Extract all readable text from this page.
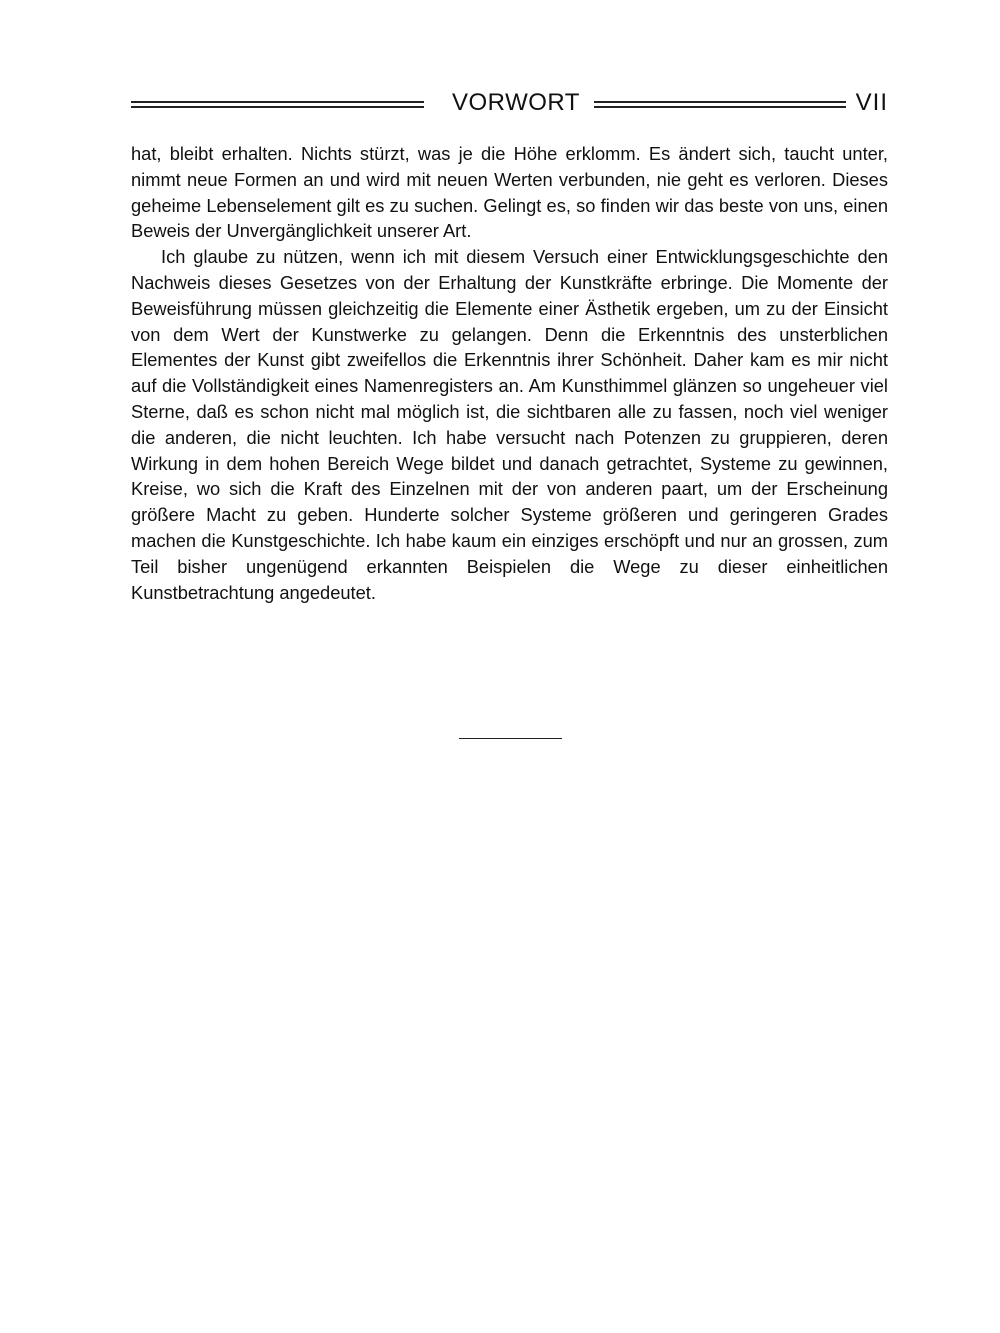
VORWORT	VII

hat, bleibt erhalten. Nichts stürzt, was je die Höhe erklomm. Es ändert sich, taucht unter, nimmt neue Formen an und wird mit neuen Werten verbunden, nie geht es verloren. Dieses geheime Lebenselement gilt es zu suchen. Gelingt es, so finden wir das beste von uns, einen Beweis der Unvergänglichkeit unserer Art.

Ich glaube zu nützen, wenn ich mit diesem Versuch einer Entwicklungsgeschichte den Nachweis dieses Gesetzes von der Erhaltung der Kunstkräfte erbringe. Die Momente der Beweisführung müssen gleichzeitig die Elemente einer Ästhetik ergeben, um zu der Einsicht von dem Wert der Kunstwerke zu gelangen. Denn die Erkenntnis des unsterblichen Elementes der Kunst gibt zweifellos die Erkenntnis ihrer Schönheit. Daher kam es mir nicht auf die Vollständigkeit eines Namenregisters an. Am Kunsthimmel glänzen so ungeheuer viel Sterne, daß es schon nicht mal möglich ist, die sichtbaren alle zu fassen, noch viel weniger die anderen, die nicht leuchten. Ich habe versucht nach Potenzen zu gruppieren, deren Wirkung in dem hohen Bereich Wege bildet und danach getrachtet, Systeme zu gewinnen, Kreise, wo sich die Kraft des Einzelnen mit der von anderen paart, um der Erscheinung größere Macht zu geben. Hunderte solcher Systeme größeren und geringeren Grades machen die Kunstgeschichte. Ich habe kaum ein einziges erschöpft und nur an grossen, zum Teil bisher ungenügend erkannten Beispielen die Wege zu dieser einheitlichen Kunstbetrachtung angedeutet.
